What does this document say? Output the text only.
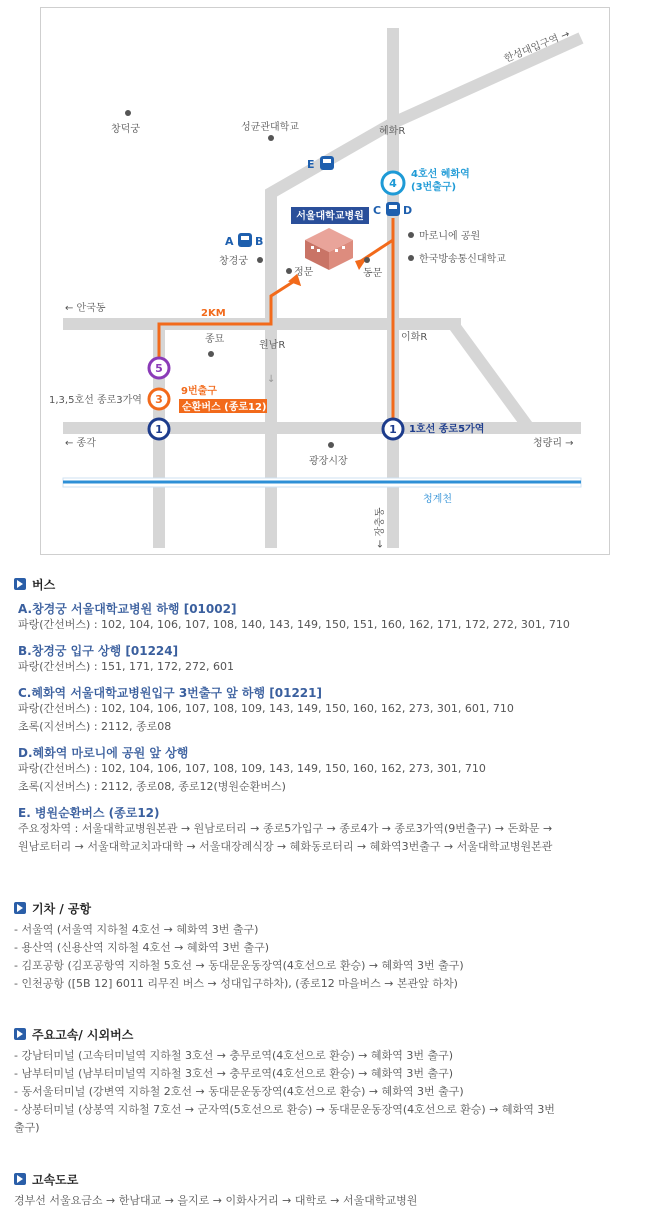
서울대학교병원
E
A B
C D
4
5
3
1	1
창덕궁	성균관대학교	혜화R
창경궁
정문	동문
마로니에 공원
한국방송통신대학교
← 안국동
원남R
이화R
종묘
1,3,5호선 종로3가역
← 종각	청량리 →
광장시장
한성대입구역 →
4호선 혜화역
(3번출구)
2KM
9번출구
순환버스 (종로12)
1호선 종로5가역
청계천
← 장충동
↓
버스
A.창경궁 서울대학교병원 하행 [01002]
파랑(간선버스) : 102, 104, 106, 107, 108, 140, 143, 149, 150, 151, 160, 162, 171, 172, 272, 301, 710
B.창경궁 입구 상행 [01224]
파랑(간선버스) : 151, 171, 172, 272, 601
C.혜화역 서울대학교병원입구 3번출구 앞 하행 [01221]
파랑(간선버스) : 102, 104, 106, 107, 108, 109, 143, 149, 150, 160, 162, 273, 301, 601, 710
초록(지선버스) : 2112, 종로08
D.혜화역 마로니에 공원 앞 상행
파랑(간선버스) : 102, 104, 106, 107, 108, 109, 143, 149, 150, 160, 162, 273, 301, 710
초록(지선버스) : 2112, 종로08, 종로12(병원순환버스)
E. 병원순환버스 (종로12)
주요정차역 : 서울대학교병원본관 → 원남로터리 → 종로5가입구 → 종로4가 → 종로3가역(9번출구) → 돈화문 →
원남로터리 → 서울대학교치과대학 → 서울대장례식장 → 혜화동로터리 → 혜화역3번출구 → 서울대학교병원본관
기차 / 공항
- 서울역 (서울역 지하철 4호선 → 혜화역 3번 출구)
- 용산역 (신용산역 지하철 4호선 → 혜화역 3번 출구)
- 김포공항 (김포공항역 지하철 5호선 → 동대문운동장역(4호선으로 환승) → 혜화역 3번 출구)
- 인천공항 ([5B 12] 6011 리무진 버스 → 성대입구하차), (종로12 마을버스 → 본관앞 하차)
주요고속/ 시외버스
- 강남터미널 (고속터미널역 지하철 3호선 → 충무로역(4호선으로 환승) → 혜화역 3번 출구)
- 남부터미널 (남부터미널역 지하철 3호선 → 충무로역(4호선으로 환승) → 혜화역 3번 출구)
- 동서울터미널 (강변역 지하철 2호선 → 동대문운동장역(4호선으로 환승) → 혜화역 3번 출구)
- 상봉터미널 (상봉역 지하철 7호선 → 군자역(5호선으로 환승) → 동대문운동장역(4호선으로 환승) → 혜화역 3번
출구)
고속도로
경부선 서울요금소 → 한남대교 → 을지로 → 이화사거리 → 대학로 → 서울대학교병원
